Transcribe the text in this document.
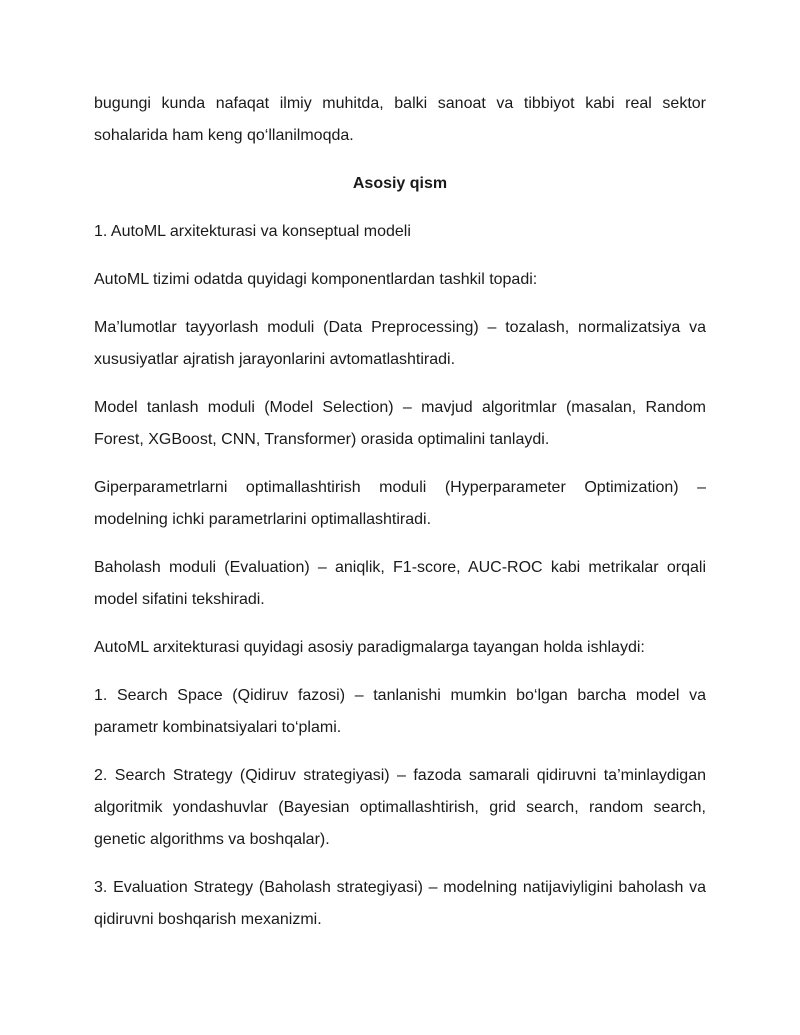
bugungi kunda nafaqat ilmiy muhitda, balki sanoat va tibbiyot kabi real sektor sohalarida ham keng qo‘llanilmoqda.

Asosiy qism

1. AutoML arxitekturasi va konseptual modeli

AutoML tizimi odatda quyidagi komponentlardan tashkil topadi:

Ma’lumotlar tayyorlash moduli (Data Preprocessing) – tozalash, normalizatsiya va xususiyatlar ajratish jarayonlarini avtomatlashtiradi.

Model tanlash moduli (Model Selection) – mavjud algoritmlar (masalan, Random Forest, XGBoost, CNN, Transformer) orasida optimalini tanlaydi.

Giperparametrlarni optimallashtirish moduli (Hyperparameter Optimization) – modelning ichki parametrlarini optimallashtiradi.

Baholash moduli (Evaluation) – aniqlik, F1-score, AUC-ROC kabi metrikalar orqali model sifatini tekshiradi.

AutoML arxitekturasi quyidagi asosiy paradigmalarga tayangan holda ishlaydi:

1. Search Space (Qidiruv fazosi) – tanlanishi mumkin bo‘lgan barcha model va parametr kombinatsiyalari to‘plami.

2. Search Strategy (Qidiruv strategiyasi) – fazoda samarali qidiruvni ta’minlaydigan algoritmik yondashuvlar (Bayesian optimallashtirish, grid search, random search, genetic algorithms va boshqalar).

3. Evaluation Strategy (Baholash strategiyasi) – modelning natijaviyligini baholash va qidiruvni boshqarish mexanizmi.
